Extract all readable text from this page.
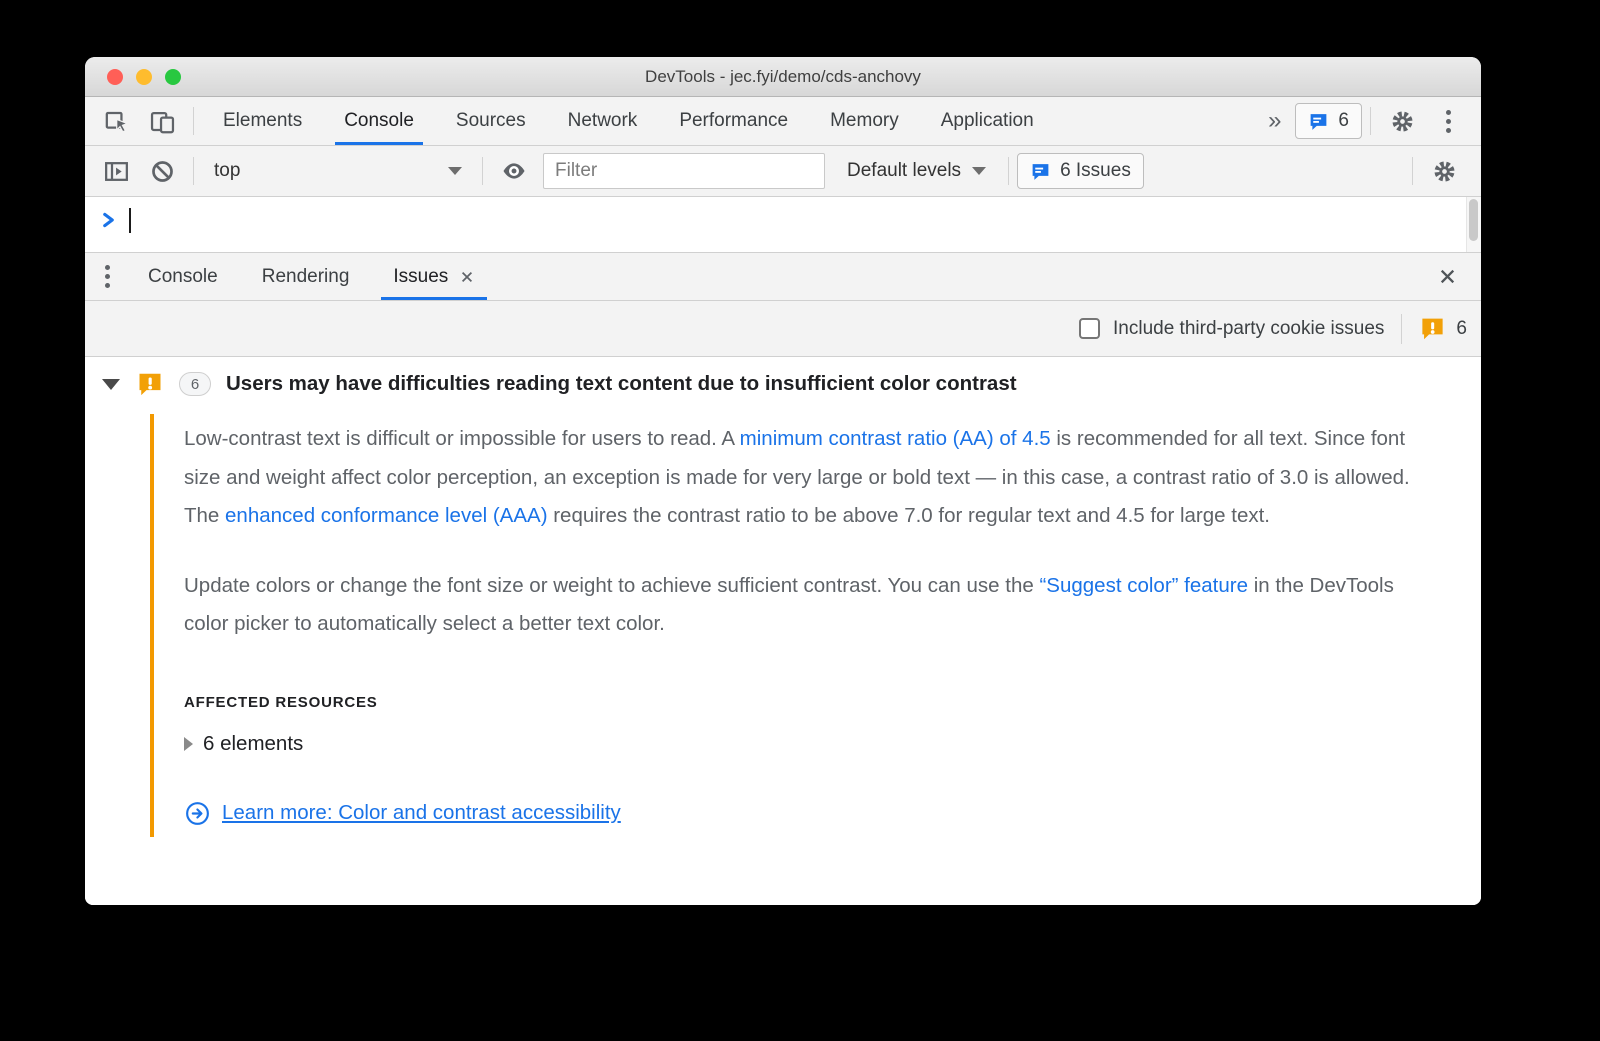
DevTools - jec.fyi/demo/cds-anchovy
Elements	Console	Sources	Network	Performance	Memory	Application	»	6
top
Filter	Default levels	6 Issues
Console	Rendering	Issues
Include third-party cookie issues	6
6	Users may have difficulties reading text content due to insufficient color contrast

Low-contrast text is difficult or impossible for users to read. A minimum contrast ratio (AA) of 4.5 is recommended for all text. Since font size and weight affect color perception, an exception is made for very large or bold text — in this case, a contrast ratio of 3.0 is allowed. The enhanced conformance level (AAA) requires the contrast ratio to be above 7.0 for regular text and 4.5 for large text.

Update colors or change the font size or weight to achieve sufficient contrast. You can use the “Suggest color” feature in the DevTools color picker to automatically select a better text color.

AFFECTED RESOURCES
6 elements
Learn more: Color and contrast accessibility
